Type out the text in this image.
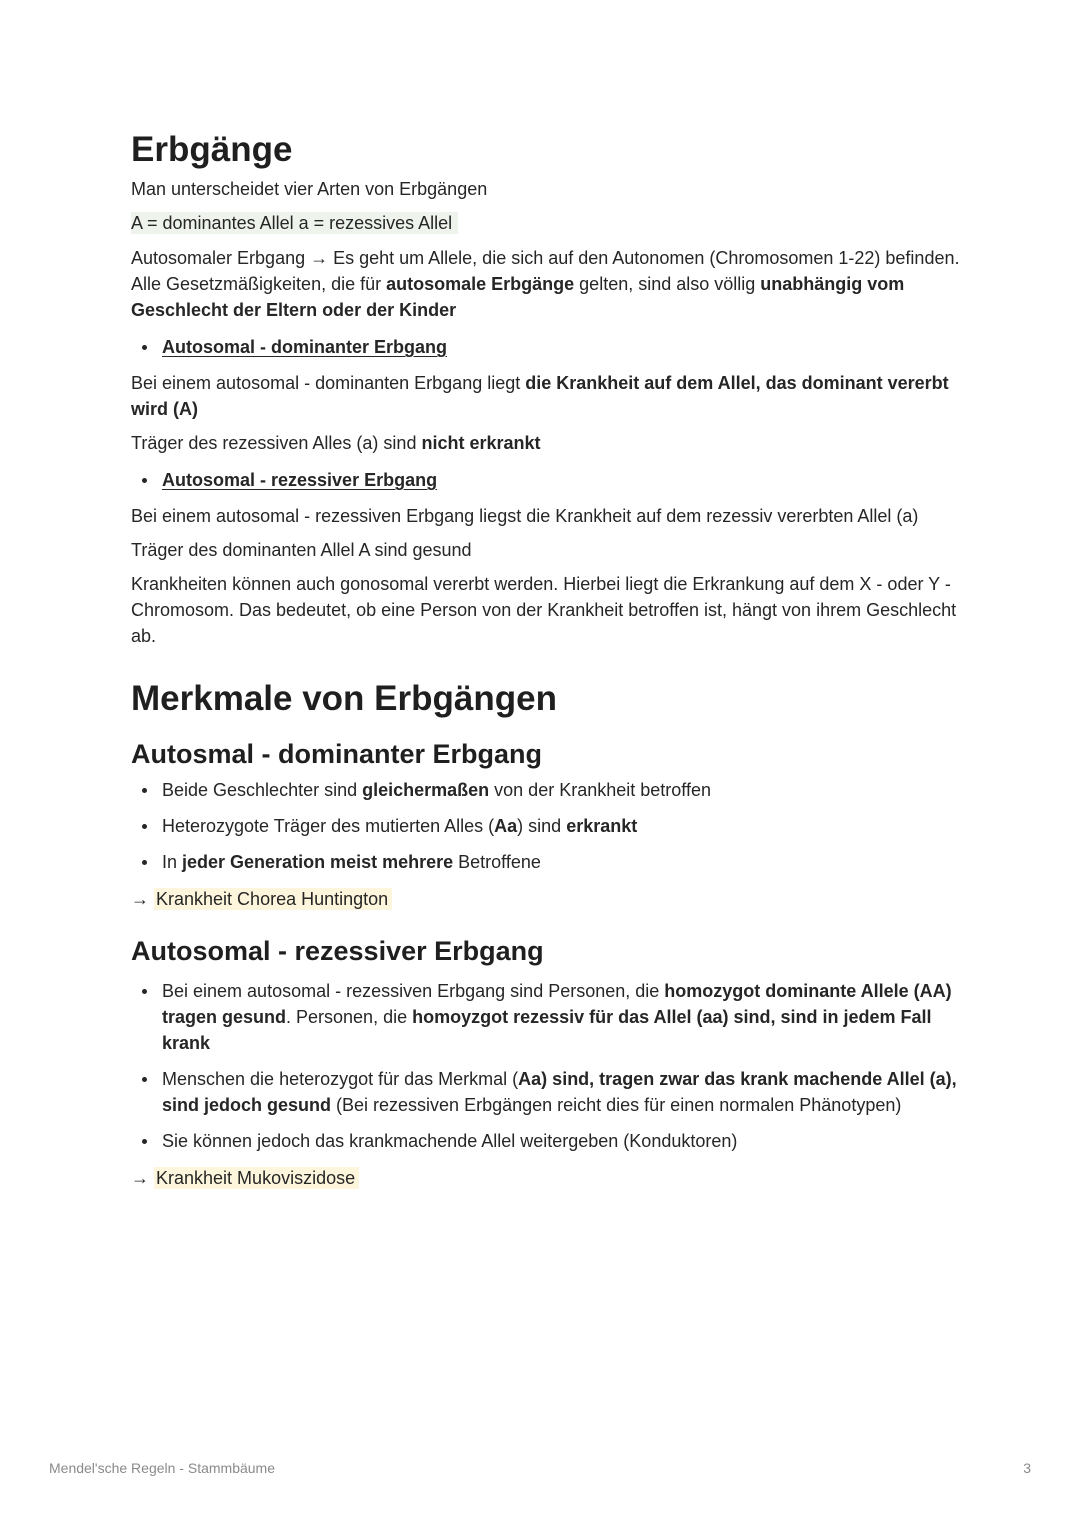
Erbgänge

Man unterscheidet vier Arten von Erbgängen

A = dominantes Allel a = rezessives Allel

Autosomaler Erbgang → Es geht um Allele, die sich auf den Autonomen (Chromosomen 1-22) befinden. Alle Gesetzmäßigkeiten, die für autosomale Erbgänge gelten, sind also völlig unabhängig vom Geschlecht der Eltern oder der Kinder

Autosomal - dominanter Erbgang

Bei einem autosomal - dominanten Erbgang liegt die Krankheit auf dem Allel, das dominant vererbt wird (A)

Träger des rezessiven Alles (a) sind nicht erkrankt

Autosomal - rezessiver Erbgang

Bei einem autosomal - rezessiven Erbgang liegst die Krankheit auf dem rezessiv vererbten Allel (a)

Träger des dominanten Allel A sind gesund

Krankheiten können auch gonosomal vererbt werden. Hierbei liegt die Erkrankung auf dem X - oder Y - Chromosom. Das bedeutet, ob eine Person von der Krankheit betroffen ist, hängt von ihrem Geschlecht ab.

Merkmale von Erbgängen
Autosmal - dominanter Erbgang
Beide Geschlechter sind gleichermaßen von der Krankheit betroffen
Heterozygote Träger des mutierten Alles (Aa) sind erkrankt
In jeder Generation meist mehrere Betroffene

→ Krankheit Chorea Huntington

Autosomal - rezessiver Erbgang
Bei einem autosomal - rezessiven Erbgang sind Personen, die homozygot dominante Allele (AA) tragen gesund. Personen, die homoyzgot rezessiv für das Allel (aa) sind, sind in jedem Fall krank
Menschen die heterozygot für das Merkmal (Aa) sind, tragen zwar das krank machende Allel (a), sind jedoch gesund (Bei rezessiven Erbgängen reicht dies für einen normalen Phänotypen)
Sie können jedoch das krankmachende Allel weitergeben (Konduktoren)

→ Krankheit Mukoviszidose

Mendel'sche Regeln - Stammbäume	3
